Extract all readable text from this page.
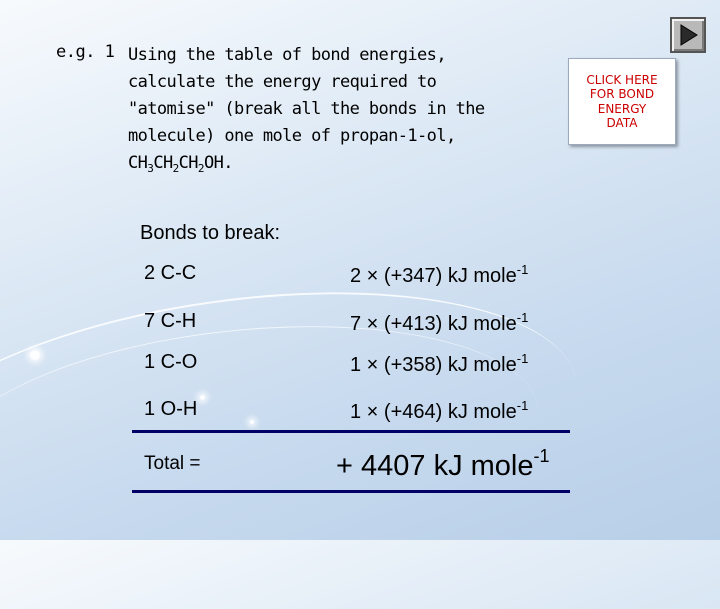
e.g. 1 Using the table of bond energies,
calculate the energy required to
"atomise" (break all the bonds in the
molecule) one mole of propan-1-ol,
$CH_3CH_2CH_2OH$.
CLICK HERE
FOR BOND
ENERGY
DATA
Bonds to break:
2 C-C	2 × (+347) kJ mole$^{-1}$
7 C-H	7 × (+413) kJ mole$^{-1}$
1 C-O	1 × (+358) kJ mole$^{-1}$
1 O-H	1 × (+464) kJ mole$^{-1}$
Total =	+ 4407 kJ mole$^{-1}$
